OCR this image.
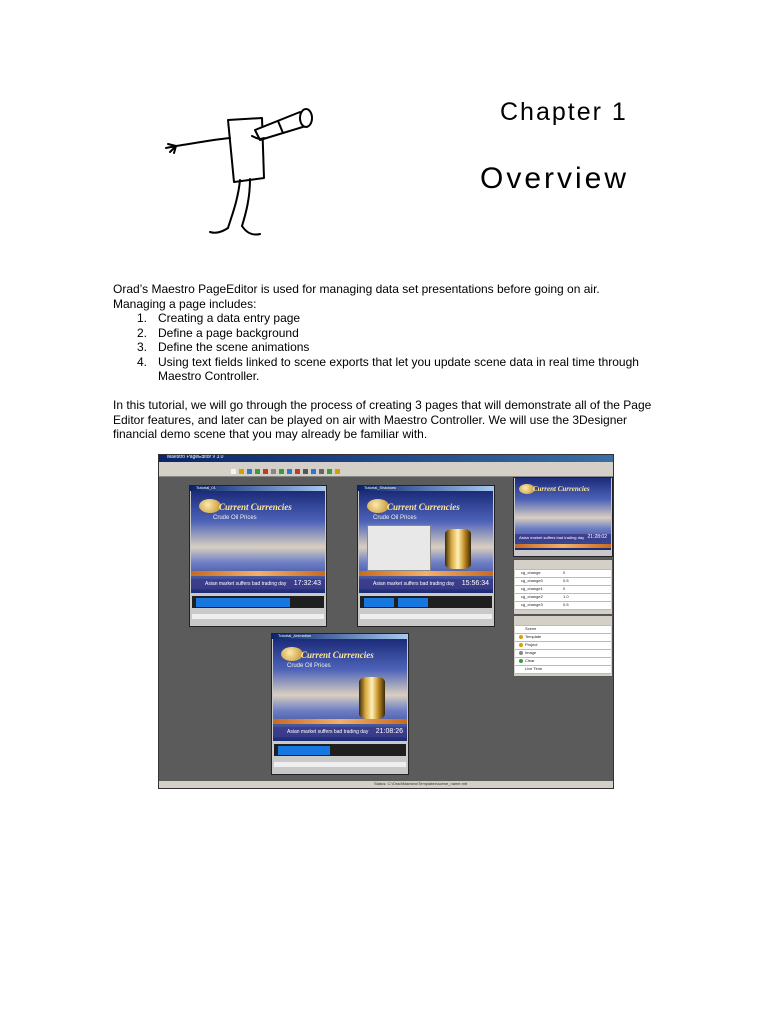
Chapter 1
Overview
Orad’s Maestro PageEditor is used for managing data set presentations before going on air. Managing a page includes:
1. Creating a data entry page
2. Define a page background
3. Define the scene animations
4. Using text fields linked to scene exports that let you update scene data in real time through Maestro Controller.
In this tutorial, we will go through the process of creating 3 pages that will demonstrate all of the Page Editor features, and later can be played on air with Maestro Controller. We will use the 3Designer financial demo scene that you may already be familiar with.
Maestro PageEditor v 3.0
Tutorial_01
Current Currencies
Crude Oil Prices
Asian market suffers bad trading day 17:32:43
Tutorial_Shadows
Current Currencies
Crude Oil Prices
Asian market suffers bad trading day 15:56:34
Tutorial_Animation
Current Currencies
Crude Oil Prices
Asian market suffers bad trading day 21:08:26
Current Currencies
Asian market suffers bad trading day 21:28:02
cg_change	0
cg_change0	0.5
cg_change1	0
cg_change2	1.0
cg_change3	0.5
Scene
Template
Project
Image
Clear
Live Time
Status: C:\Orad\Maestro\Templates\scene_name.mtt
